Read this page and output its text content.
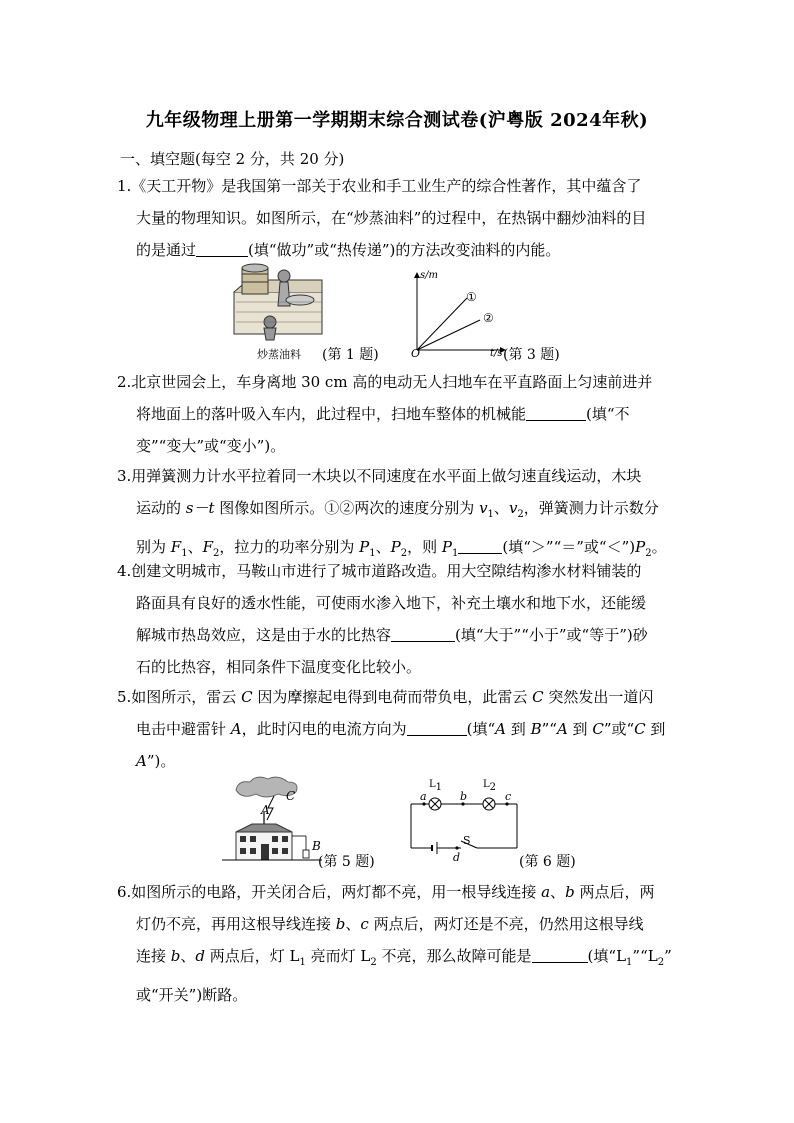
九年级物理上册第一学期期末综合测试卷(沪粤版 2024年秋)
一、填空题(每空 2 分，共 20 分)

1.《天工开物》是我国第一部关于农业和手工业生产的综合性著作，其中蕴含了

大量的物理知识。如图所示，在“炒蒸油料”的过程中，在热锅中翻炒油料的目

的是通过	(填“做功”或“热传递”)的方法改变油料的内能。

炒蒸油料 (第 1 题)
s/m
①
②
O	t/s (第 3 题)

2.北京世园会上，车身离地 30 cm 高的电动无人扫地车在平直路面上匀速前进并

将地面上的落叶吸入车内，此过程中，扫地车整体的机械能	(填“不

变”“变大”或“变小”)。

3.用弹簧测力计水平拉着同一木块以不同速度在水平面上做匀速直线运动，木块

运动的 s－t 图像如图所示。①②两次的速度分别为 $v_1$、$v_2$，弹簧测力计示数分

别为 $F_1$、$F_2$，拉力的功率分别为 $P_1$、$P_2$，则 $P_1$	(填“＞”“＝”或“$<”)P_2$。

4.创建文明城市，马鞍山市进行了城市道路改造。用大空隙结构渗水材料铺装的

路面具有良好的透水性能，可使雨水渗入地下，补充土壤水和地下水，还能缓

解城市热岛效应，这是由于水的比热容	(填“大于”“小于”或“等于”)砂

石的比热容，相同条件下温度变化比较小。

5.如图所示，雷云 C 因为摩擦起电得到电荷而带负电，此雷云 C 突然发出一道闪

电击中避雷针 A，此时闪电的电流方向为	(填“A 到 B”“A 到 C”或“C 到

A”)。

C
A
B
(第 5 题)
a	b	c
d
$L_1$	$L_2$
S
(第 6 题)

6.如图所示的电路，开关闭合后，两灯都不亮，用一根导线连接 a、b 两点后，两

灯仍不亮，再用这根导线连接 b、c 两点后，两灯还是不亮，仍然用这根导线

连接 b、d 两点后，灯 $L_1$ 亮而灯 $L_2$ 不亮，那么故障可能是	(填“$L_1”“L_2$”

或“开关”)断路。
